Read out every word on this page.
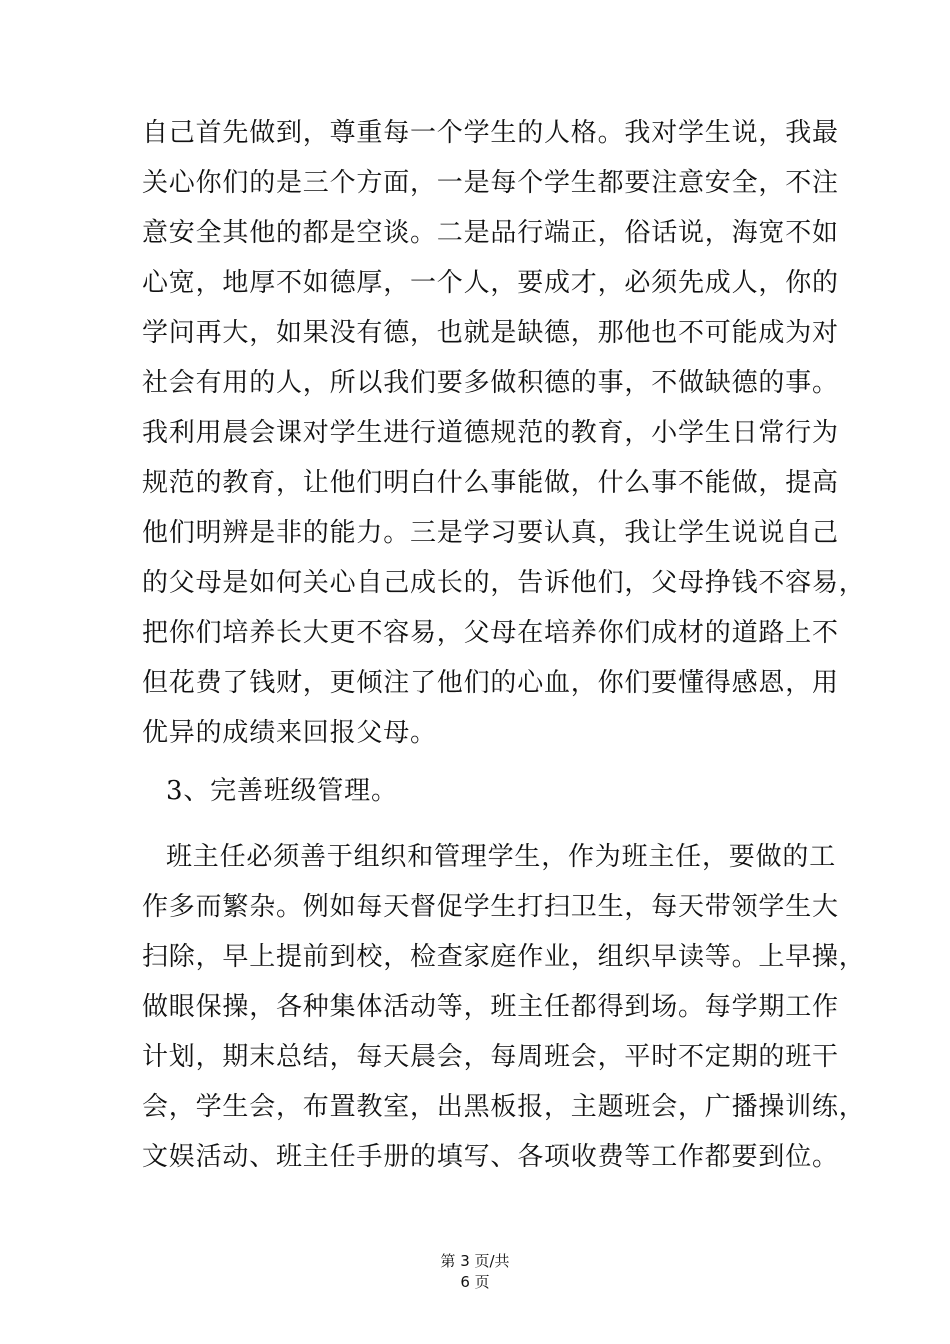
自己首先做到，尊重每一个学生的人格。我对学生说，我最
关心你们的是三个方面，一是每个学生都要注意安全，不注
意安全其他的都是空谈。二是品行端正，俗话说，海宽不如
心宽，地厚不如德厚，一个人，要成才，必须先成人，你的
学问再大，如果没有德，也就是缺德，那他也不可能成为对
社会有用的人，所以我们要多做积德的事，不做缺德的事。
我利用晨会课对学生进行道德规范的教育，小学生日常行为
规范的教育，让他们明白什么事能做，什么事不能做，提高
他们明辨是非的能力。三是学习要认真，我让学生说说自己
的父母是如何关心自己成长的，告诉他们，父母挣钱不容易，
把你们培养长大更不容易，父母在培养你们成材的道路上不
但花费了钱财，更倾注了他们的心血，你们要懂得感恩，用
优异的成绩来回报父母。
3、完善班级管理。
班主任必须善于组织和管理学生，作为班主任，要做的工
作多而繁杂。例如每天督促学生打扫卫生，每天带领学生大
扫除，早上提前到校，检查家庭作业，组织早读等。上早操，
做眼保操，各种集体活动等，班主任都得到场。每学期工作
计划，期末总结，每天晨会，每周班会，平时不定期的班干
会，学生会，布置教室，出黑板报，主题班会，广播操训练，
文娱活动、班主任手册的填写、各项收费等工作都要到位。
第 3 页/共
6 页
